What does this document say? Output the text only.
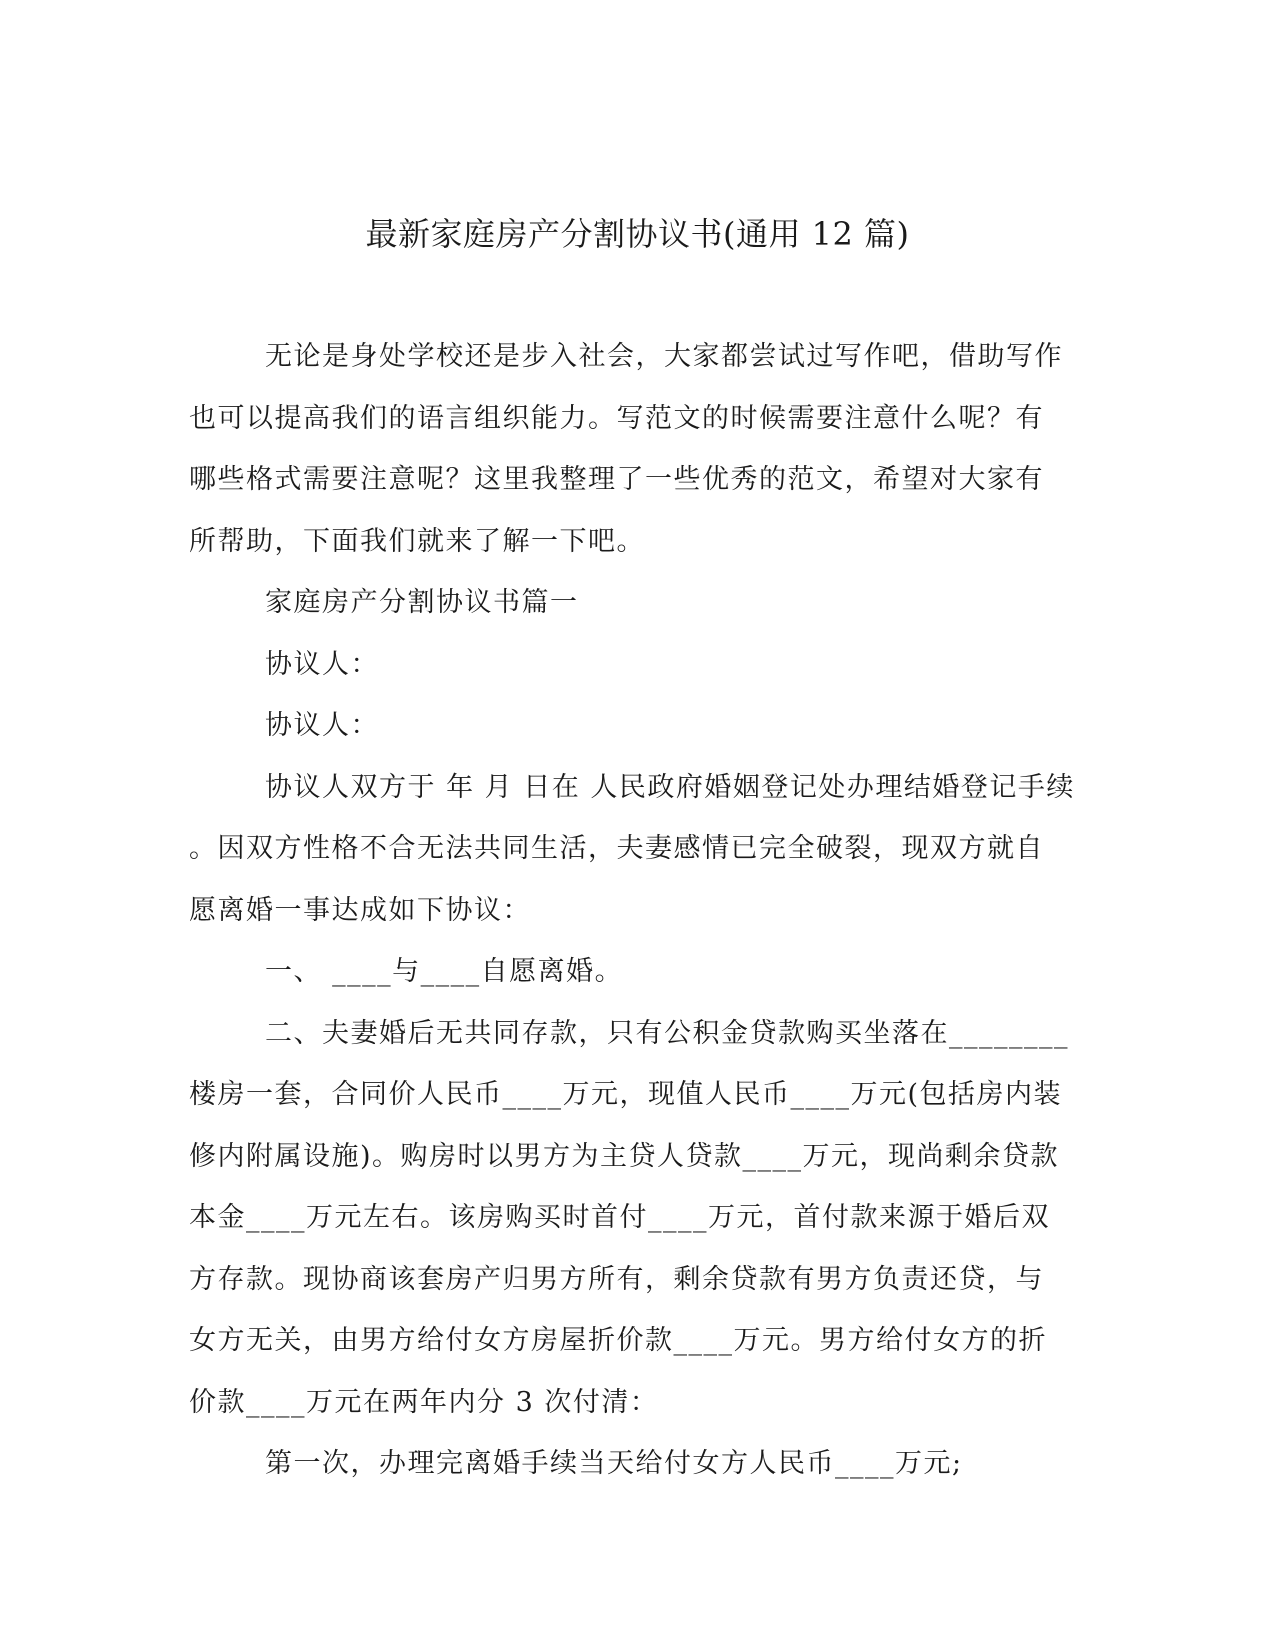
最新家庭房产分割协议书(通用 12 篇)
无论是身处学校还是步入社会，大家都尝试过写作吧，借助写作
也可以提高我们的语言组织能力。写范文的时候需要注意什么呢？有
哪些格式需要注意呢？这里我整理了一些优秀的范文，希望对大家有
所帮助，下面我们就来了解一下吧。
家庭房产分割协议书篇一
协议人：
协议人：
协议人双方于 年 月 日在 人民政府婚姻登记处办理结婚登记手续
。因双方性格不合无法共同生活，夫妻感情已完全破裂，现双方就自
愿离婚一事达成如下协议：
一、 ____与____自愿离婚。
二、夫妻婚后无共同存款，只有公积金贷款购买坐落在________
楼房一套，合同价人民币____万元，现值人民币____万元(包括房内装
修内附属设施)。购房时以男方为主贷人贷款____万元，现尚剩余贷款
本金____万元左右。该房购买时首付____万元，首付款来源于婚后双
方存款。现协商该套房产归男方所有，剩余贷款有男方负责还贷，与
女方无关，由男方给付女方房屋折价款____万元。男方给付女方的折
价款____万元在两年内分 3 次付清：
第一次，办理完离婚手续当天给付女方人民币____万元;
